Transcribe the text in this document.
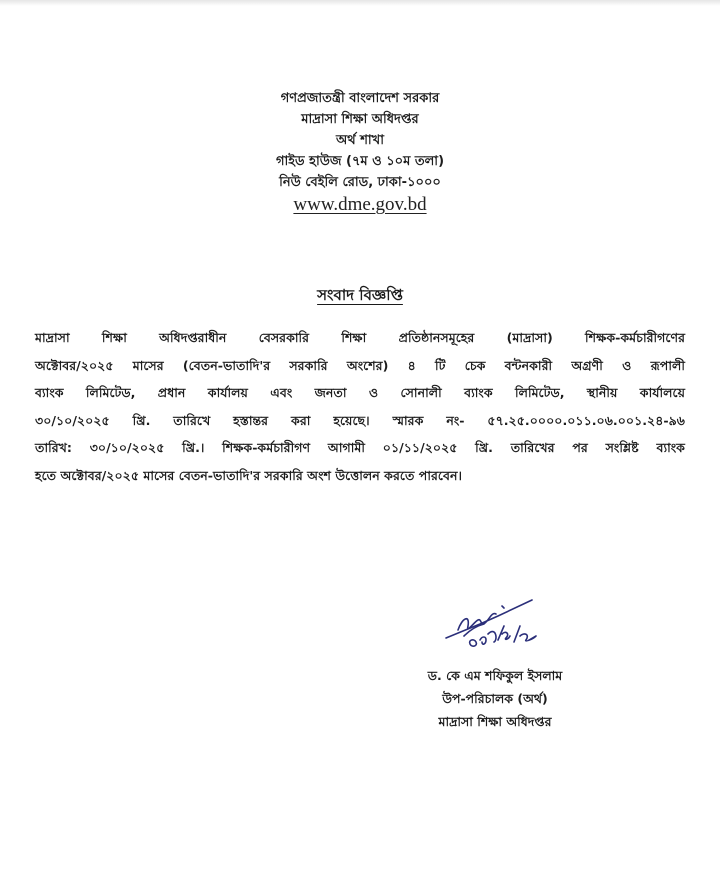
গণপ্রজাতন্ত্রী বাংলাদেশ সরকার
মাদ্রাসা শিক্ষা অধিদপ্তর
অর্থ শাখা
গাইড হাউজ (৭ম ও ১০ম তলা)
নিউ বেইলি রোড, ঢাকা-১০০০
www.dme.gov.bd
সংবাদ বিজ্ঞপ্তি
মাদ্রাসা শিক্ষা অধিদপ্তরাধীন বেসরকারি শিক্ষা প্রতিষ্ঠানসমূহের (মাদ্রাসা) শিক্ষক-কর্মচারীগণের
অক্টোবর/২০২৫ মাসের (বেতন-ভাতাদি'র সরকারি অংশের) ৪ টি চেক বন্টনকারী অগ্রণী ও রূপালী
ব্যাংক লিমিটেড, প্রধান কার্যালয় এবং জনতা ও সোনালী ব্যাংক লিমিটেড, স্থানীয় কার্যালয়ে
৩০/১০/২০২৫ খ্রি. তারিখে হস্তান্তর করা হয়েছে। স্মারক নং- ৫৭.২৫.০০০০.০১১.০৬.০০১.২৪-৯৬
তারিখ: ৩০/১০/২০২৫ খ্রি.। শিক্ষক-কর্মচারীগণ আগামী ০১/১১/২০২৫ খ্রি. তারিখের পর সংশ্লিষ্ট ব্যাংক
হতে অক্টোবর/২০২৫ মাসের বেতন-ভাতাদি'র সরকারি অংশ উত্তোলন করতে পারবেন।
ড. কে এম শফিকুল ইসলাম
উপ-পরিচালক (অর্থ)
মাদ্রাসা শিক্ষা অধিদপ্তর
